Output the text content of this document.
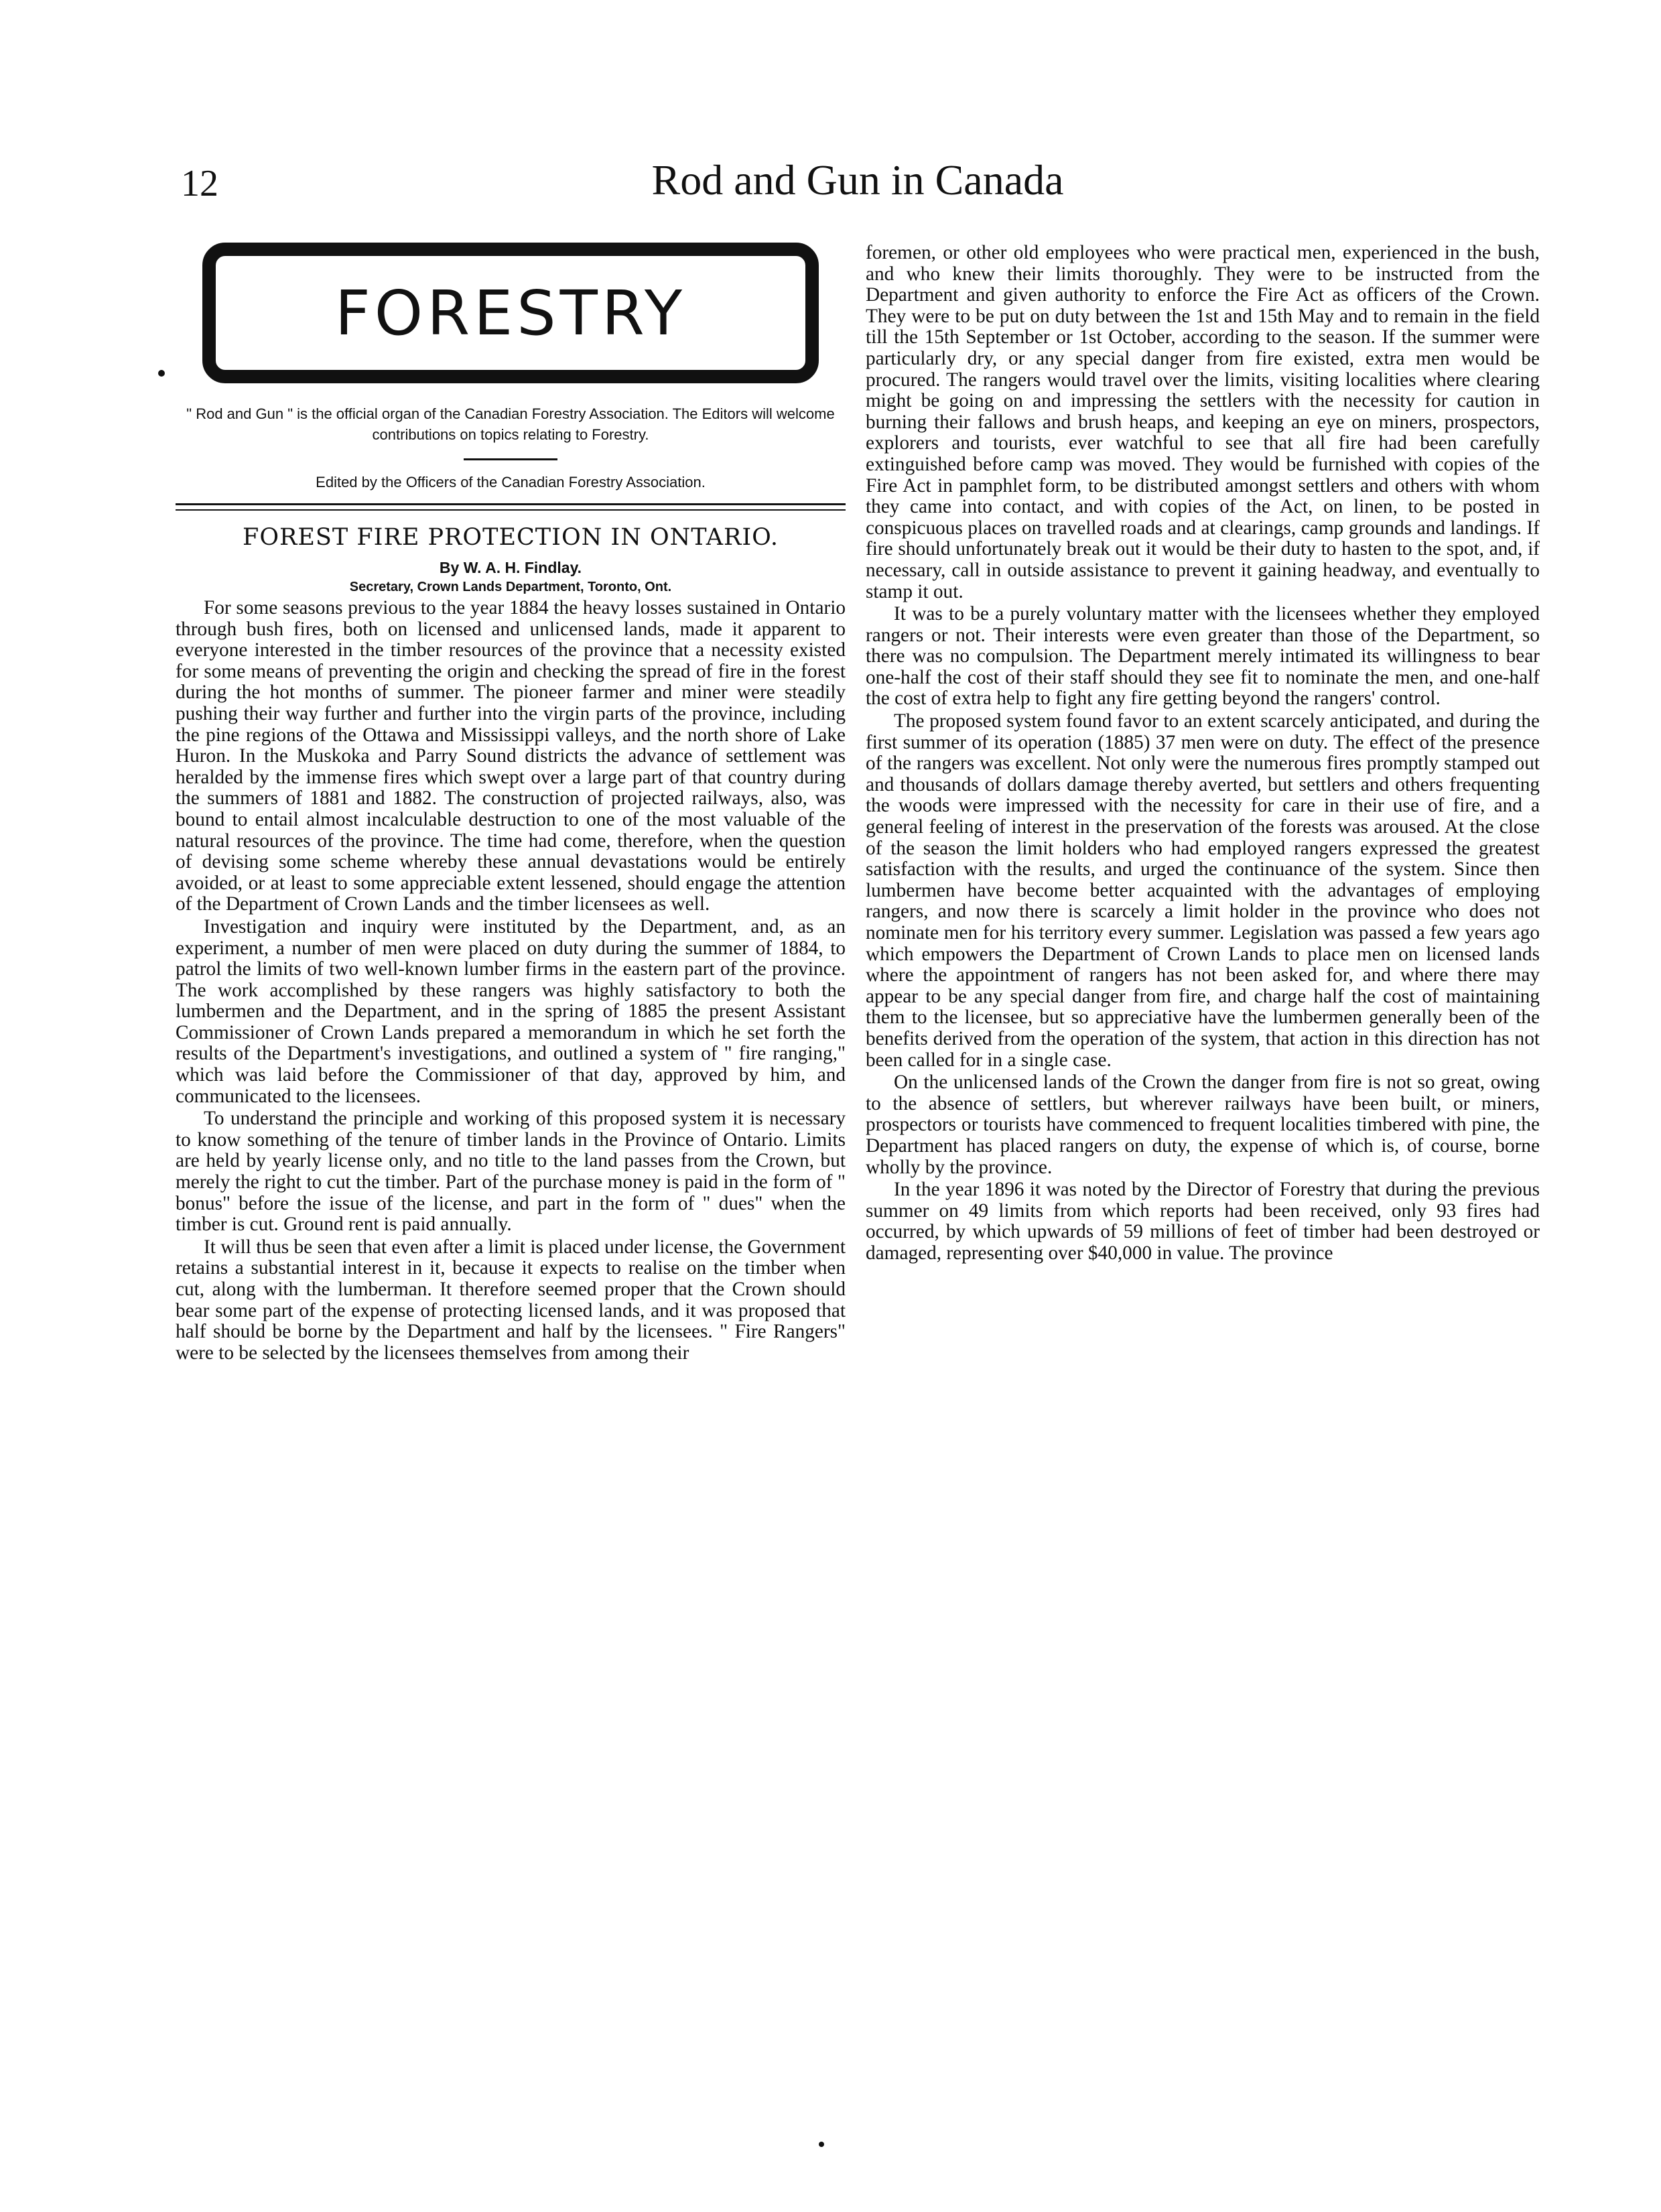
12	Rod and Gun in Canada
FORESTRY
" Rod and Gun " is the official organ of the Canadian Forestry Association. The Editors will welcome contributions on topics relating to Forestry.
Edited by the Officers of the Canadian Forestry Association.
FOREST FIRE PROTECTION IN ONTARIO.
By W. A. H. Findlay.
Secretary, Crown Lands Department, Toronto, Ont.

For some seasons previous to the year 1884 the heavy losses sustained in Ontario through bush fires, both on licensed and unlicensed lands, made it apparent to everyone interested in the timber resources of the province that a necessity existed for some means of preventing the origin and checking the spread of fire in the forest during the hot months of summer. The pioneer farmer and miner were steadily pushing their way further and further into the virgin parts of the province, including the pine regions of the Ottawa and Mississippi valleys, and the north shore of Lake Huron. In the Muskoka and Parry Sound districts the advance of settlement was heralded by the immense fires which swept over a large part of that country during the summers of 1881 and 1882. The construction of projected railways, also, was bound to entail almost incalculable destruction to one of the most valuable of the natural resources of the province. The time had come, therefore, when the question of devising some scheme whereby these annual devastations would be entirely avoided, or at least to some appreciable extent lessened, should engage the attention of the Department of Crown Lands and the timber licensees as well.

Investigation and inquiry were instituted by the Department, and, as an experiment, a number of men were placed on duty during the summer of 1884, to patrol the limits of two well-known lumber firms in the eastern part of the province. The work accomplished by these rangers was highly satisfactory to both the lumbermen and the Department, and in the spring of 1885 the present Assistant Commissioner of Crown Lands prepared a memorandum in which he set forth the results of the Department's investigations, and outlined a system of " fire ranging," which was laid before the Commissioner of that day, approved by him, and communicated to the licensees.

To understand the principle and working of this proposed system it is necessary to know something of the tenure of timber lands in the Province of Ontario. Limits are held by yearly license only, and no title to the land passes from the Crown, but merely the right to cut the timber. Part of the purchase money is paid in the form of " bonus" before the issue of the license, and part in the form of " dues" when the timber is cut. Ground rent is paid annually.

It will thus be seen that even after a limit is placed under license, the Government retains a substantial interest in it, because it expects to realise on the timber when cut, along with the lumberman. It therefore seemed proper that the Crown should bear some part of the expense of protecting licensed lands, and it was proposed that half should be borne by the Department and half by the licensees. " Fire Rangers" were to be selected by the licensees themselves from among their

foremen, or other old employees who were practical men, experienced in the bush, and who knew their limits thoroughly. They were to be instructed from the Department and given authority to enforce the Fire Act as officers of the Crown. They were to be put on duty between the 1st and 15th May and to remain in the field till the 15th September or 1st October, according to the season. If the summer were particularly dry, or any special danger from fire existed, extra men would be procured. The rangers would travel over the limits, visiting localities where clearing might be going on and impressing the settlers with the necessity for caution in burning their fallows and brush heaps, and keeping an eye on miners, prospectors, explorers and tourists, ever watchful to see that all fire had been carefully extinguished before camp was moved. They would be furnished with copies of the Fire Act in pamphlet form, to be distributed amongst settlers and others with whom they came into contact, and with copies of the Act, on linen, to be posted in conspicuous places on travelled roads and at clearings, camp grounds and landings. If fire should unfortunately break out it would be their duty to hasten to the spot, and, if necessary, call in outside assistance to prevent it gaining headway, and eventually to stamp it out.

It was to be a purely voluntary matter with the licensees whether they employed rangers or not. Their interests were even greater than those of the Department, so there was no compulsion. The Department merely intimated its willingness to bear one-half the cost of their staff should they see fit to nominate the men, and one-half the cost of extra help to fight any fire getting beyond the rangers' control.

The proposed system found favor to an extent scarcely anticipated, and during the first summer of its operation (1885) 37 men were on duty. The effect of the presence of the rangers was excellent. Not only were the numerous fires promptly stamped out and thousands of dollars damage thereby averted, but settlers and others frequenting the woods were impressed with the necessity for care in their use of fire, and a general feeling of interest in the preservation of the forests was aroused. At the close of the season the limit holders who had employed rangers expressed the greatest satisfaction with the results, and urged the continuance of the system. Since then lumbermen have become better acquainted with the advantages of employing rangers, and now there is scarcely a limit holder in the province who does not nominate men for his territory every summer. Legislation was passed a few years ago which empowers the Department of Crown Lands to place men on licensed lands where the appointment of rangers has not been asked for, and where there may appear to be any special danger from fire, and charge half the cost of maintaining them to the licensee, but so appreciative have the lumbermen generally been of the benefits derived from the operation of the system, that action in this direction has not been called for in a single case.

On the unlicensed lands of the Crown the danger from fire is not so great, owing to the absence of settlers, but wherever railways have been built, or miners, prospectors or tourists have commenced to frequent localities timbered with pine, the Department has placed rangers on duty, the expense of which is, of course, borne wholly by the province.

In the year 1896 it was noted by the Director of Forestry that during the previous summer on 49 limits from which reports had been received, only 93 fires had occurred, by which upwards of 59 millions of feet of timber had been destroyed or damaged, representing over $40,000 in value. The province
